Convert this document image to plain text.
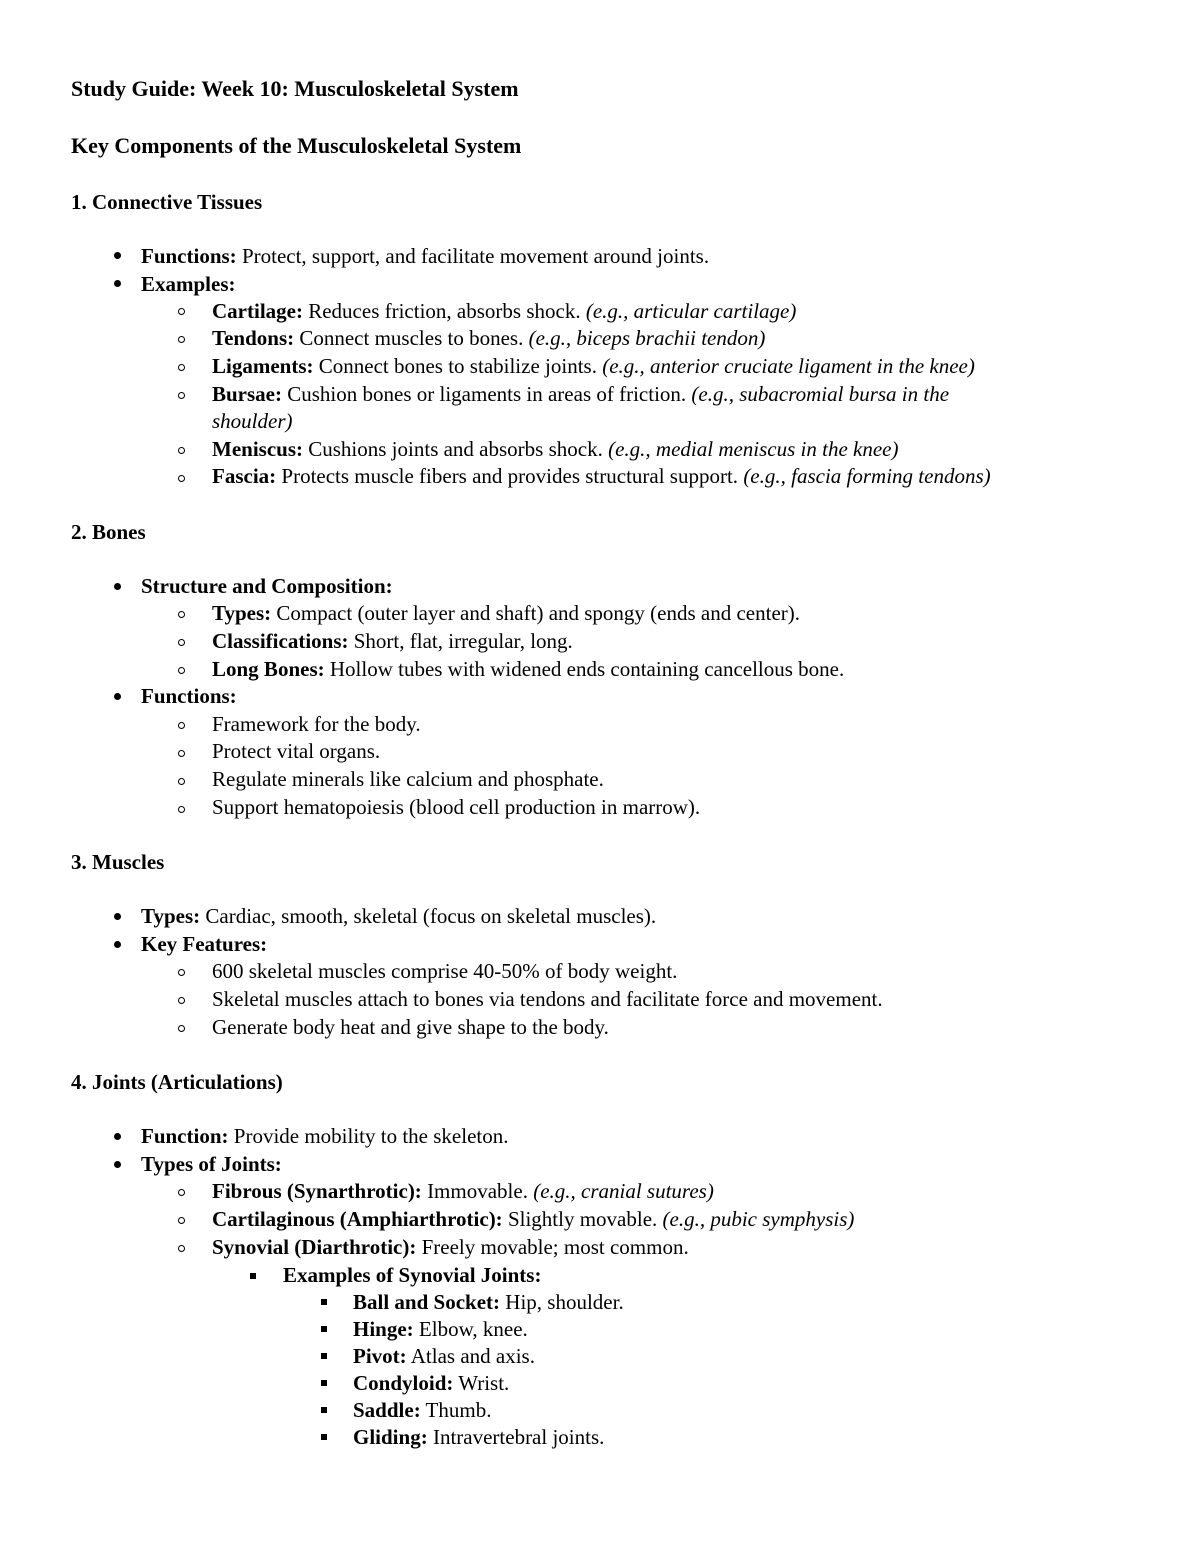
Study Guide: Week 10: Musculoskeletal System
Key Components of the Musculoskeletal System
1. Connective Tissues
Functions: Protect, support, and facilitate movement around joints.
Examples:
Cartilage: Reduces friction, absorbs shock. (e.g., articular cartilage)
Tendons: Connect muscles to bones. (e.g., biceps brachii tendon)
Ligaments: Connect bones to stabilize joints. (e.g., anterior cruciate ligament in the knee)
Bursae: Cushion bones or ligaments in areas of friction. (e.g., subacromial bursa in the
shoulder)
Meniscus: Cushions joints and absorbs shock. (e.g., medial meniscus in the knee)
Fascia: Protects muscle fibers and provides structural support. (e.g., fascia forming tendons)
2. Bones
Structure and Composition:
Types: Compact (outer layer and shaft) and spongy (ends and center).
Classifications: Short, flat, irregular, long.
Long Bones: Hollow tubes with widened ends containing cancellous bone.
Functions:
Framework for the body.
Protect vital organs.
Regulate minerals like calcium and phosphate.
Support hematopoiesis (blood cell production in marrow).
3. Muscles
Types: Cardiac, smooth, skeletal (focus on skeletal muscles).
Key Features:
600 skeletal muscles comprise 40-50% of body weight.
Skeletal muscles attach to bones via tendons and facilitate force and movement.
Generate body heat and give shape to the body.
4. Joints (Articulations)
Function: Provide mobility to the skeleton.
Types of Joints:
Fibrous (Synarthrotic): Immovable. (e.g., cranial sutures)
Cartilaginous (Amphiarthrotic): Slightly movable. (e.g., pubic symphysis)
Synovial (Diarthrotic): Freely movable; most common.
Examples of Synovial Joints:
Ball and Socket: Hip, shoulder.
Hinge: Elbow, knee.
Pivot: Atlas and axis.
Condyloid: Wrist.
Saddle: Thumb.
Gliding: Intravertebral joints.
